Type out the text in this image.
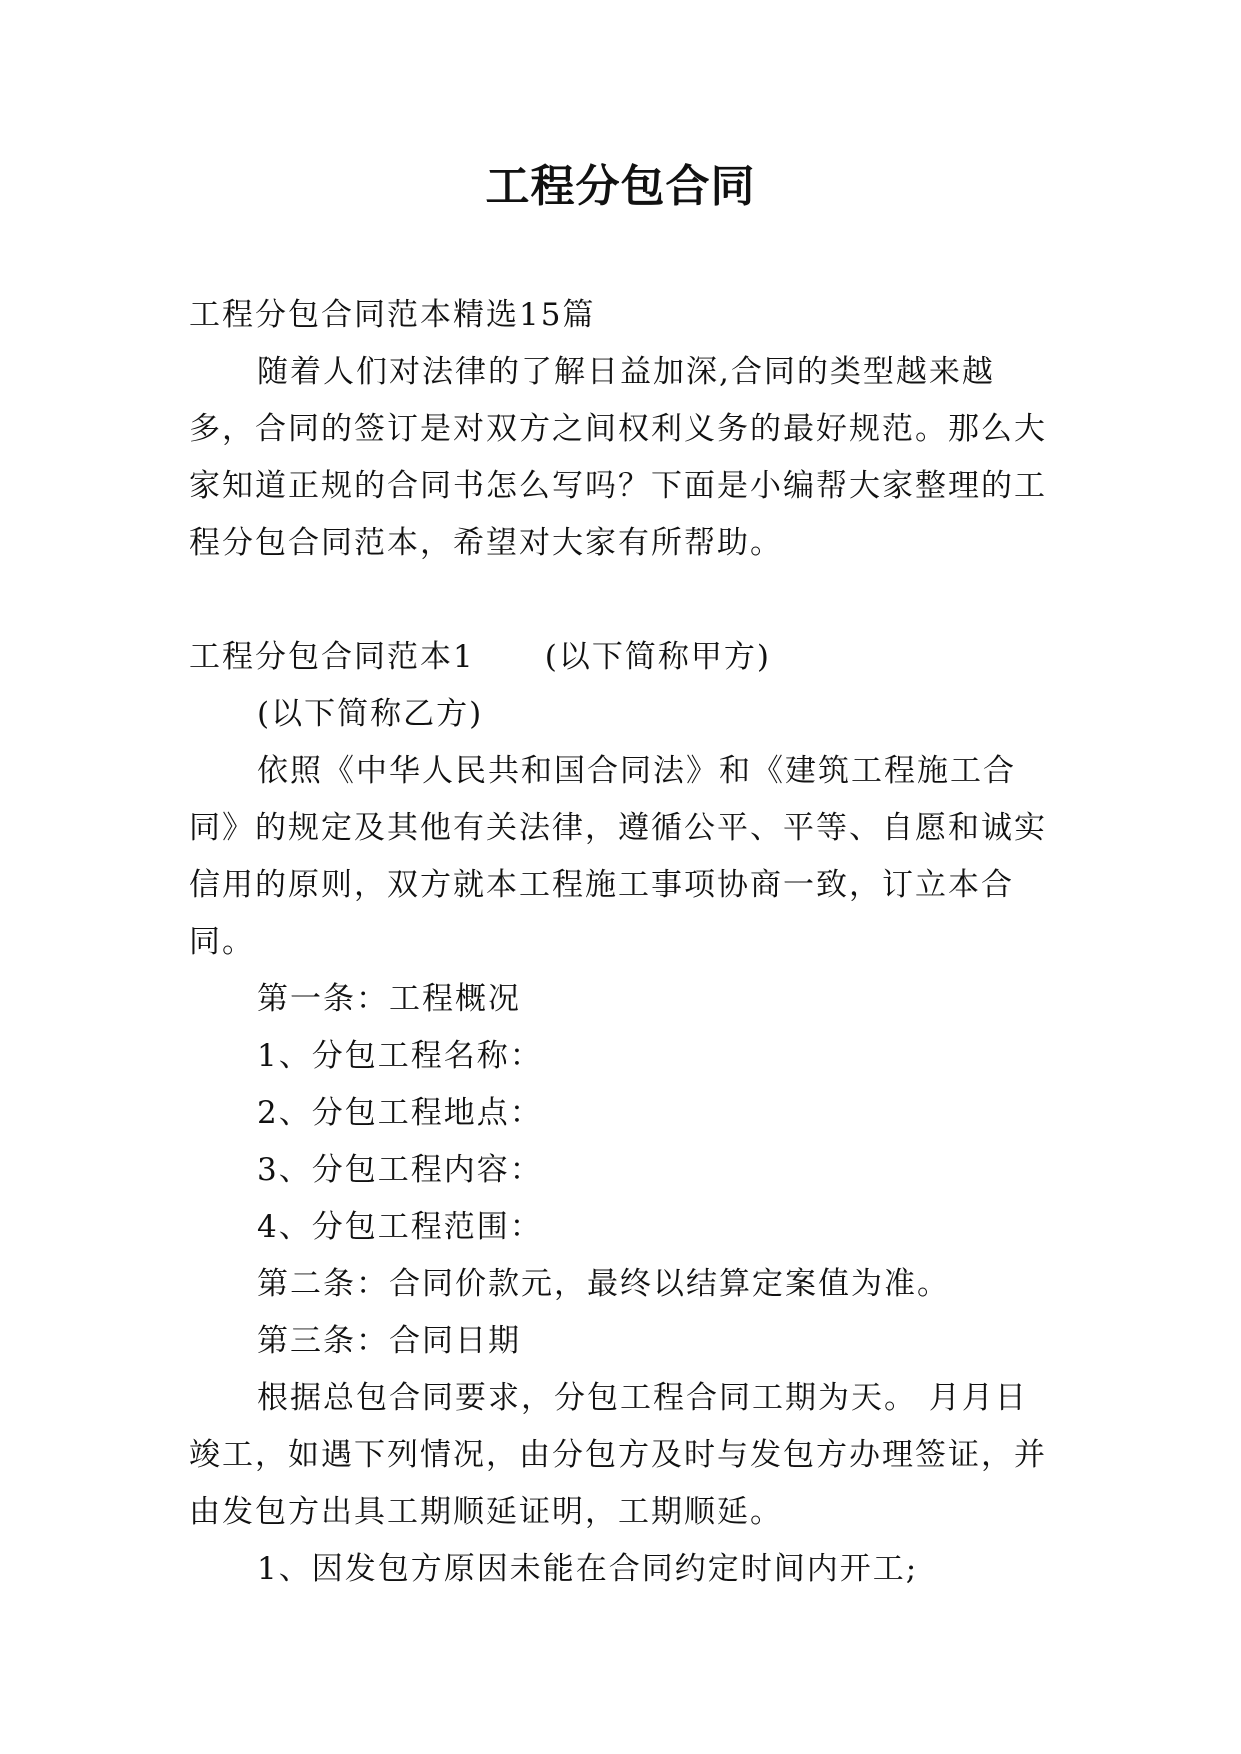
工程分包合同

工程分包合同范本精选15篇

随着人们对法律的了解日益加深,合同的类型越来越多，合同的签订是对双方之间权利义务的最好规范。那么大家知道正规的合同书怎么写吗？下面是小编帮大家整理的工程分包合同范本，希望对大家有所帮助。

工程分包合同范本1 (以下简称甲方)

(以下简称乙方)

依照《中华人民共和国合同法》和《建筑工程施工合同》的规定及其他有关法律，遵循公平、平等、自愿和诚实信用的原则，双方就本工程施工事项协商一致，订立本合同。

第一条：工程概况

1、分包工程名称：

2、分包工程地点：

3、分包工程内容：

4、分包工程范围：

第二条：合同价款元，最终以结算定案值为准。

第三条：合同日期

根据总包合同要求，分包工程合同工期为天。 月月日竣工，如遇下列情况，由分包方及时与发包方办理签证，并由发包方出具工期顺延证明，工期顺延。

1、因发包方原因未能在合同约定时间内开工;
